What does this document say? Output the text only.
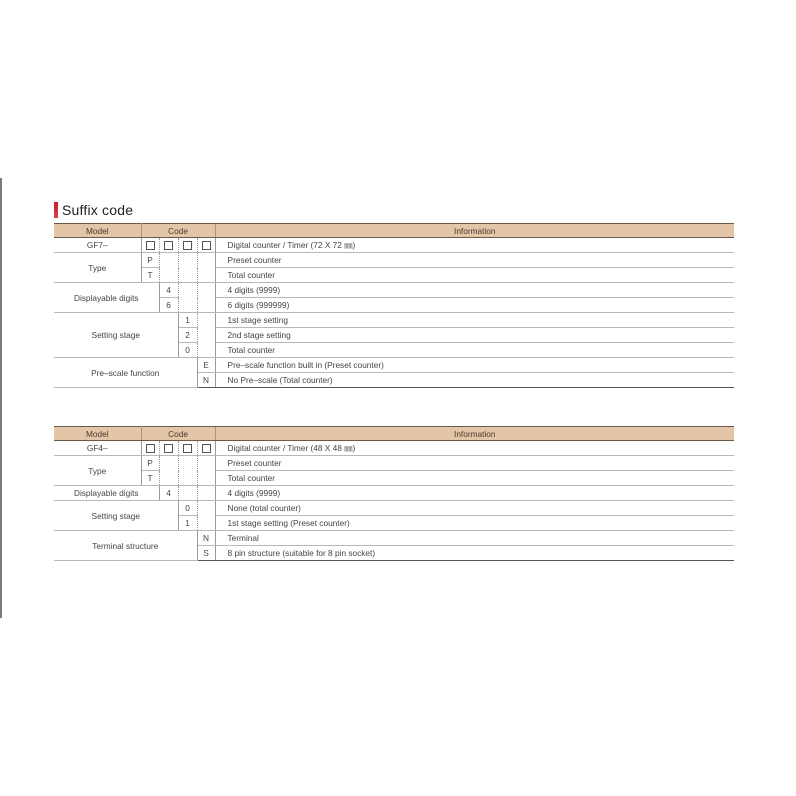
Suffix code
Model	Code				Information
GF7–					Digital counter / Timer (72 X 72 ㎜)
Type	P				Preset counter
	T				Total counter
Displayable digits		4			4 digits (9999)
		6			6 digits (999999)
Setting stage			1		1st stage setting
			2		2nd stage setting
			0		Total counter
Pre–scale function				E	Pre–scale function built in (Preset counter)
				N	No Pre–scale (Total counter)
Model	Code				Information
GF4–					Digital counter / Timer (48 X 48 ㎜)
Type	P				Preset counter
	T				Total counter
Displayable digits		4			4 digits (9999)
Setting stage			0		None (total counter)
			1		1st stage setting (Preset counter)
Terminal structure				N	Terminal
				S	8 pin structure (suitable for 8 pin socket)
